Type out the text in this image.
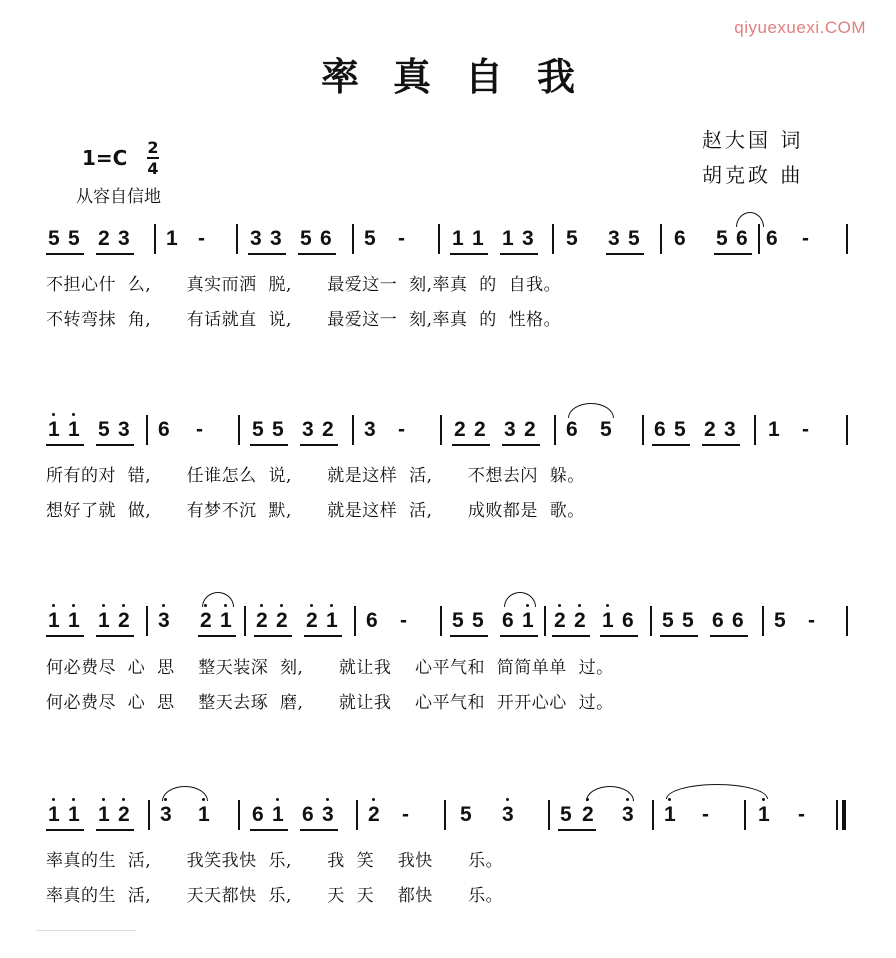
qiyuexuexi.COM
率真自我
1=C 2
4
从容自信地
赵大国 词
胡克政 曲
5 5 2 3 1 - 3 3 5 6 5 - 1 1 1 3 5 3 5 6 5 6 6 -
不担心什  么,      真实而洒  脱,      最爱这一  刻,率真  的  自我。
不转弯抹  角,      有话就直  说,      最爱这一  刻,率真  的  性格。
1 1 5 3 6 - 5 5 3 2 3 - 2 2 3 2 6 5 6 5 2 3 1 -
所有的对  错,      任谁怎么  说,      就是这样  活,      不想去闪  躲。
想好了就  做,      有梦不沉  默,      就是这样  活,      成败都是  歌。
1 1 1 2 3 2 1 2 2 2 1 6 - 5 5 6 1 2 2 1 6 5 5 6 6 5 -
何必费尽  心  思    整天装深  刻,      就让我    心平气和  简简单单  过。
何必费尽  心  思    整天去琢  磨,      就让我    心平气和  开开心心  过。
1 1 1 2 3 1 6 1 6 3 2 - 5 3 5 2 3 1 - 1 -
率真的生  活,      我笑我快  乐,      我  笑    我快      乐。
率真的生  活,      天天都快  乐,      天  天    都快      乐。
